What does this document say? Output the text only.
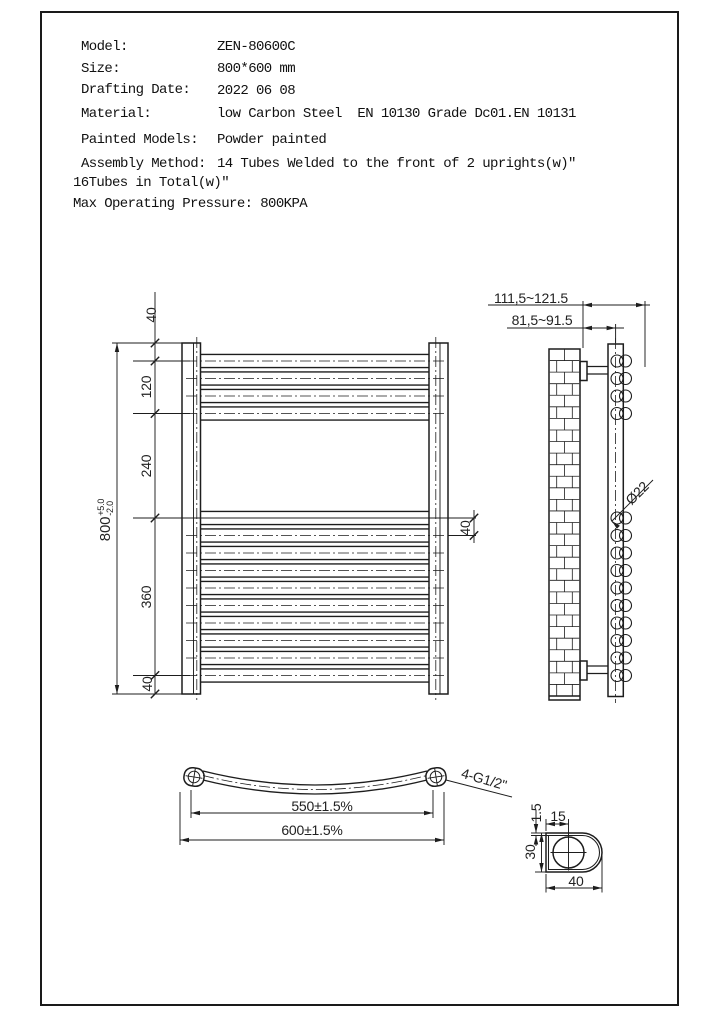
Model:	ZEN-80600C
Size:	800*600 mm
Drafting Date: 2022 06 08
Material:	low Carbon Steel  EN 10130 Grade Dc01.EN 10131
Painted Models: Powder painted
Assembly Method: 14 Tubes Welded to the front of 2 uprights(w)"
16Tubes in Total(w)"
Max Operating Pressure: 800KPA
40
120
240
360
40
800
+5.0 -2.0
40
111,5~121.5
81,5~91.5
Ø22
550±1.5%
600±1.5%
4-G1/2"
15
1.5
30
40
